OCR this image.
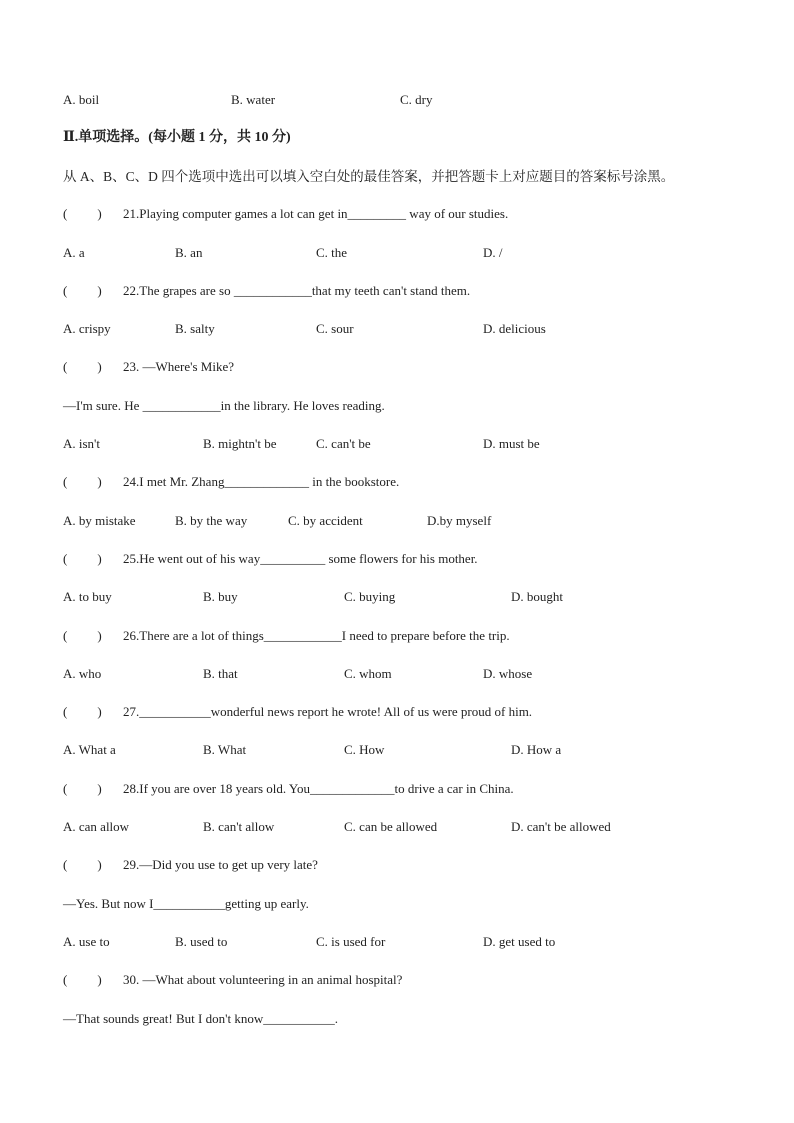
A. boil	B. water	C. dry
Ⅱ.单项选择。(每小题 1 分，共 10 分)
从 A、B、C、D 四个选项中选出可以填入空白处的最佳答案，并把答题卡上对应题目的答案标号涂黑。
( ) 21.Playing computer games a lot can get in_________ way of our studies.
A. a	B. an	C. the	D. /
( ) 22.The grapes are so ____________that my teeth can't stand them.
A. crispy	B. salty	C. sour	D. delicious
( ) 23. —Where's Mike?
—I'm sure. He ____________in the library. He loves reading.
A. isn't	B. mightn't be	C. can't be	D. must be
( ) 24.I met Mr. Zhang_____________ in the bookstore.
A. by mistake	B. by the way	C. by accident	D.by myself
( ) 25.He went out of his way__________ some flowers for his mother.
A. to buy	B. buy	C. buying	D. bought
( ) 26.There are a lot of things____________I need to prepare before the trip.
A. who	B. that	C. whom	D. whose
( ) 27.___________wonderful news report he wrote! All of us were proud of him.
A. What a	B. What	C. How	D. How a
( ) 28.If you are over 18 years old. You_____________to drive a car in China.
A. can allow	B. can't allow	C. can be allowed	D. can't be allowed
( ) 29.—Did you use to get up very late?
—Yes. But now I___________getting up early.
A. use to	B. used to	C. is used for	D. get used to
( ) 30. —What about volunteering in an animal hospital?
—That sounds great! But I don't know___________.
